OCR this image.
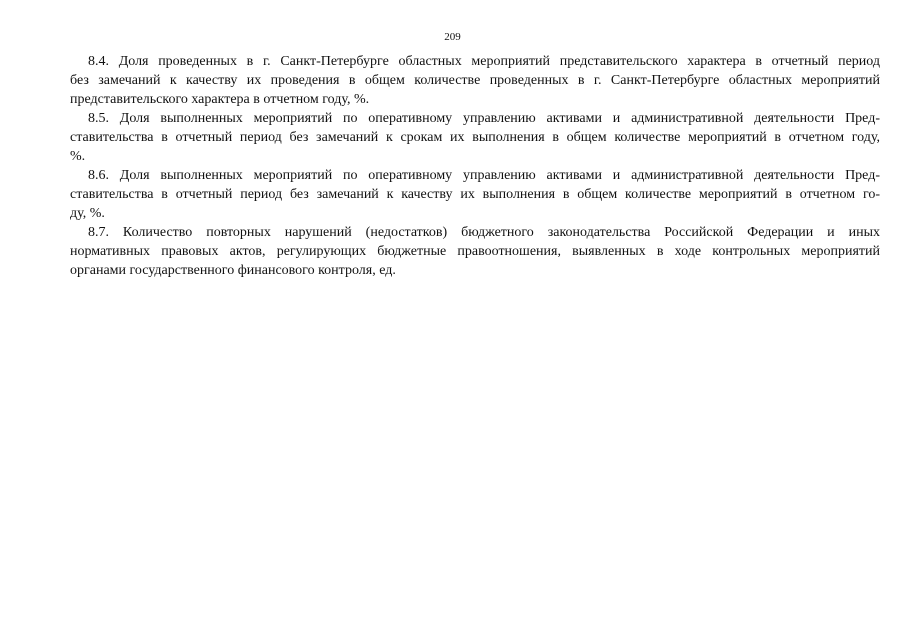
209
8.4. Доля проведенных в г. Санкт-Петербурге областных мероприятий представительского характера в отчетный период
без замечаний к качеству их проведения в общем количестве проведенных в г. Санкт-Петербурге областных мероприятий
представительского характера в отчетном году, %.
8.5. Доля выполненных мероприятий по оперативному управлению активами и административной деятельности Пред-
ставительства в отчетный период без замечаний к срокам их выполнения в общем количестве мероприятий в отчетном году,
%.
8.6. Доля выполненных мероприятий по оперативному управлению активами и административной деятельности Пред-
ставительства в отчетный период без замечаний к качеству их выполнения в общем количестве мероприятий в отчетном го-
ду, %.
8.7. Количество повторных нарушений (недостатков) бюджетного законодательства Российской Федерации и иных
нормативных правовых актов, регулирующих бюджетные правоотношения, выявленных в ходе контрольных мероприятий
органами государственного финансового контроля, ед.
